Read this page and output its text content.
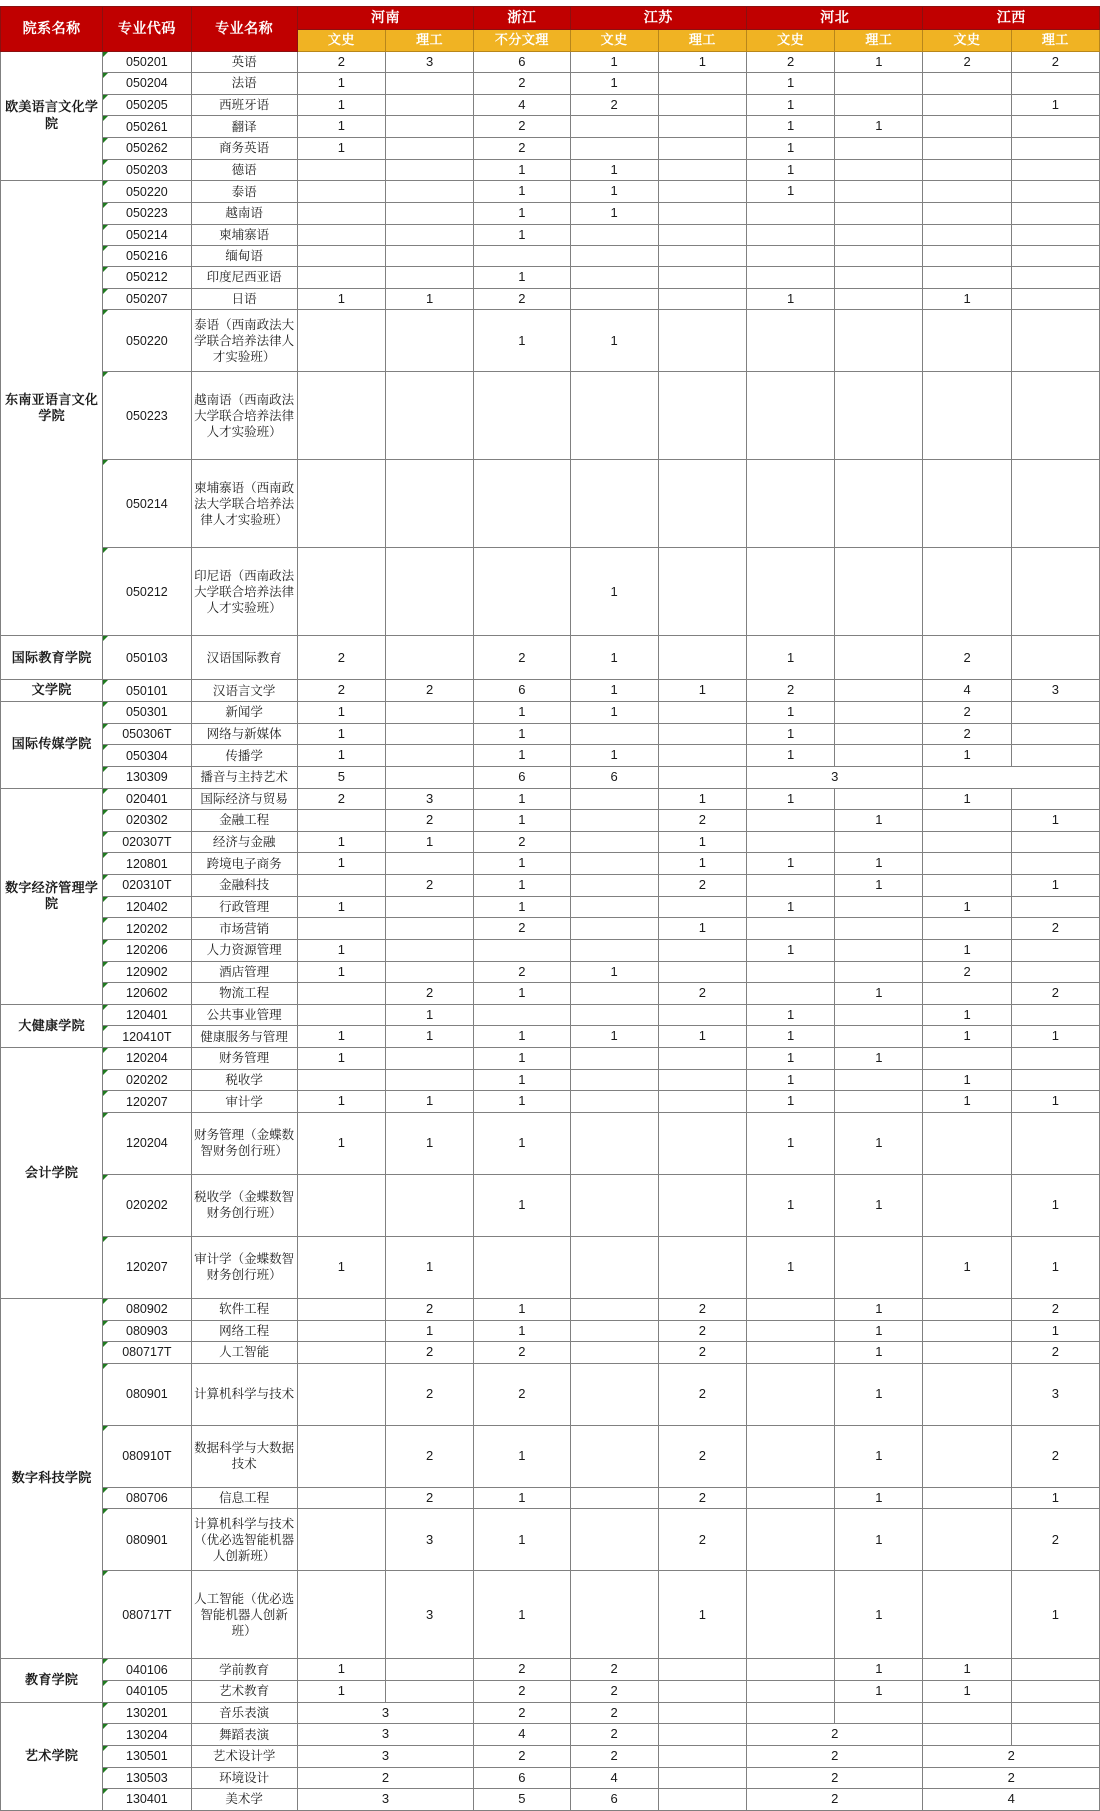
院系名称	专业代码	专业名称	河南		浙江	江苏		河北		江西	
			文史	理工	不分文理	文史	理工	文史	理工	文史	理工
欧美语言文化学院	050201	英语	2	3	6	1	1	2	1	2	2
	050204	法语	1		2	1		1			
	050205	西班牙语	1		4	2		1			1
	050261	翻译	1		2			1	1		
	050262	商务英语	1		2			1			
	050203	德语			1	1		1			
东南亚语言文化学院	050220	泰语			1	1		1			
	050223	越南语			1	1					
	050214	柬埔寨语			1						
	050216	缅甸语									
	050212	印度尼西亚语			1						
	050207	日语	1	1	2			1		1	
	050220	泰语（西南政法大学联合培养法律人才实验班）			1	1					
	050223	越南语（西南政法大学联合培养法律人才实验班）									
	050214	柬埔寨语（西南政法大学联合培养法律人才实验班）									
	050212	印尼语（西南政法大学联合培养法律人才实验班）				1					
国际教育学院	050103	汉语国际教育	2		2	1		1		2	
文学院	050101	汉语言文学	2	2	6	1	1	2		4	3
国际传媒学院	050301	新闻学	1		1	1		1		2	
	050306T	网络与新媒体	1		1			1		2	
	050304	传播学	1		1	1		1		1	
	130309	播音与主持艺术	5		6	6		3			
数字经济管理学院	020401	国际经济与贸易	2	3	1		1	1		1	
	020302	金融工程		2	1		2		1		1
	020307T	经济与金融	1	1	2		1				
	120801	跨境电子商务	1		1		1	1	1		
	020310T	金融科技		2	1		2		1		1
	120402	行政管理	1		1			1		1	
	120202	市场营销			2		1				2
	120206	人力资源管理	1					1		1	
	120902	酒店管理	1		2	1				2	
	120602	物流工程		2	1		2		1		2
大健康学院	120401	公共事业管理		1				1		1	
	120410T	健康服务与管理	1	1	1	1	1	1		1	1
会计学院	120204	财务管理	1		1			1	1		
	020202	税收学			1			1		1	
	120207	审计学	1	1	1			1		1	1
	120204	财务管理（金蝶数智财务创行班）	1	1	1			1	1		
	020202	税收学（金蝶数智财务创行班）			1			1	1		1
	120207	审计学（金蝶数智财务创行班）	1	1				1		1	1
数字科技学院	080902	软件工程		2	1		2		1		2
	080903	网络工程		1	1		2		1		1
	080717T	人工智能		2	2		2		1		2
	080901	计算机科学与技术		2	2		2		1		3
	080910T	数据科学与大数据技术		2	1		2		1		2
	080706	信息工程		2	1		2		1		1
	080901	计算机科学与技术（优必选智能机器人创新班）		3	1		2		1		2
	080717T	人工智能（优必选智能机器人创新班）		3	1		1		1		1
教育学院	040106	学前教育	1		2	2			1	1	
	040105	艺术教育	1		2	2			1	1	
艺术学院	130201	音乐表演	3		2	2					
	130204	舞蹈表演	3		4	2		2			
	130501	艺术设计学	3		2	2		2		2	
	130503	环境设计	2		6	4		2		2	
	130401	美术学	3		5	6		2		4	
